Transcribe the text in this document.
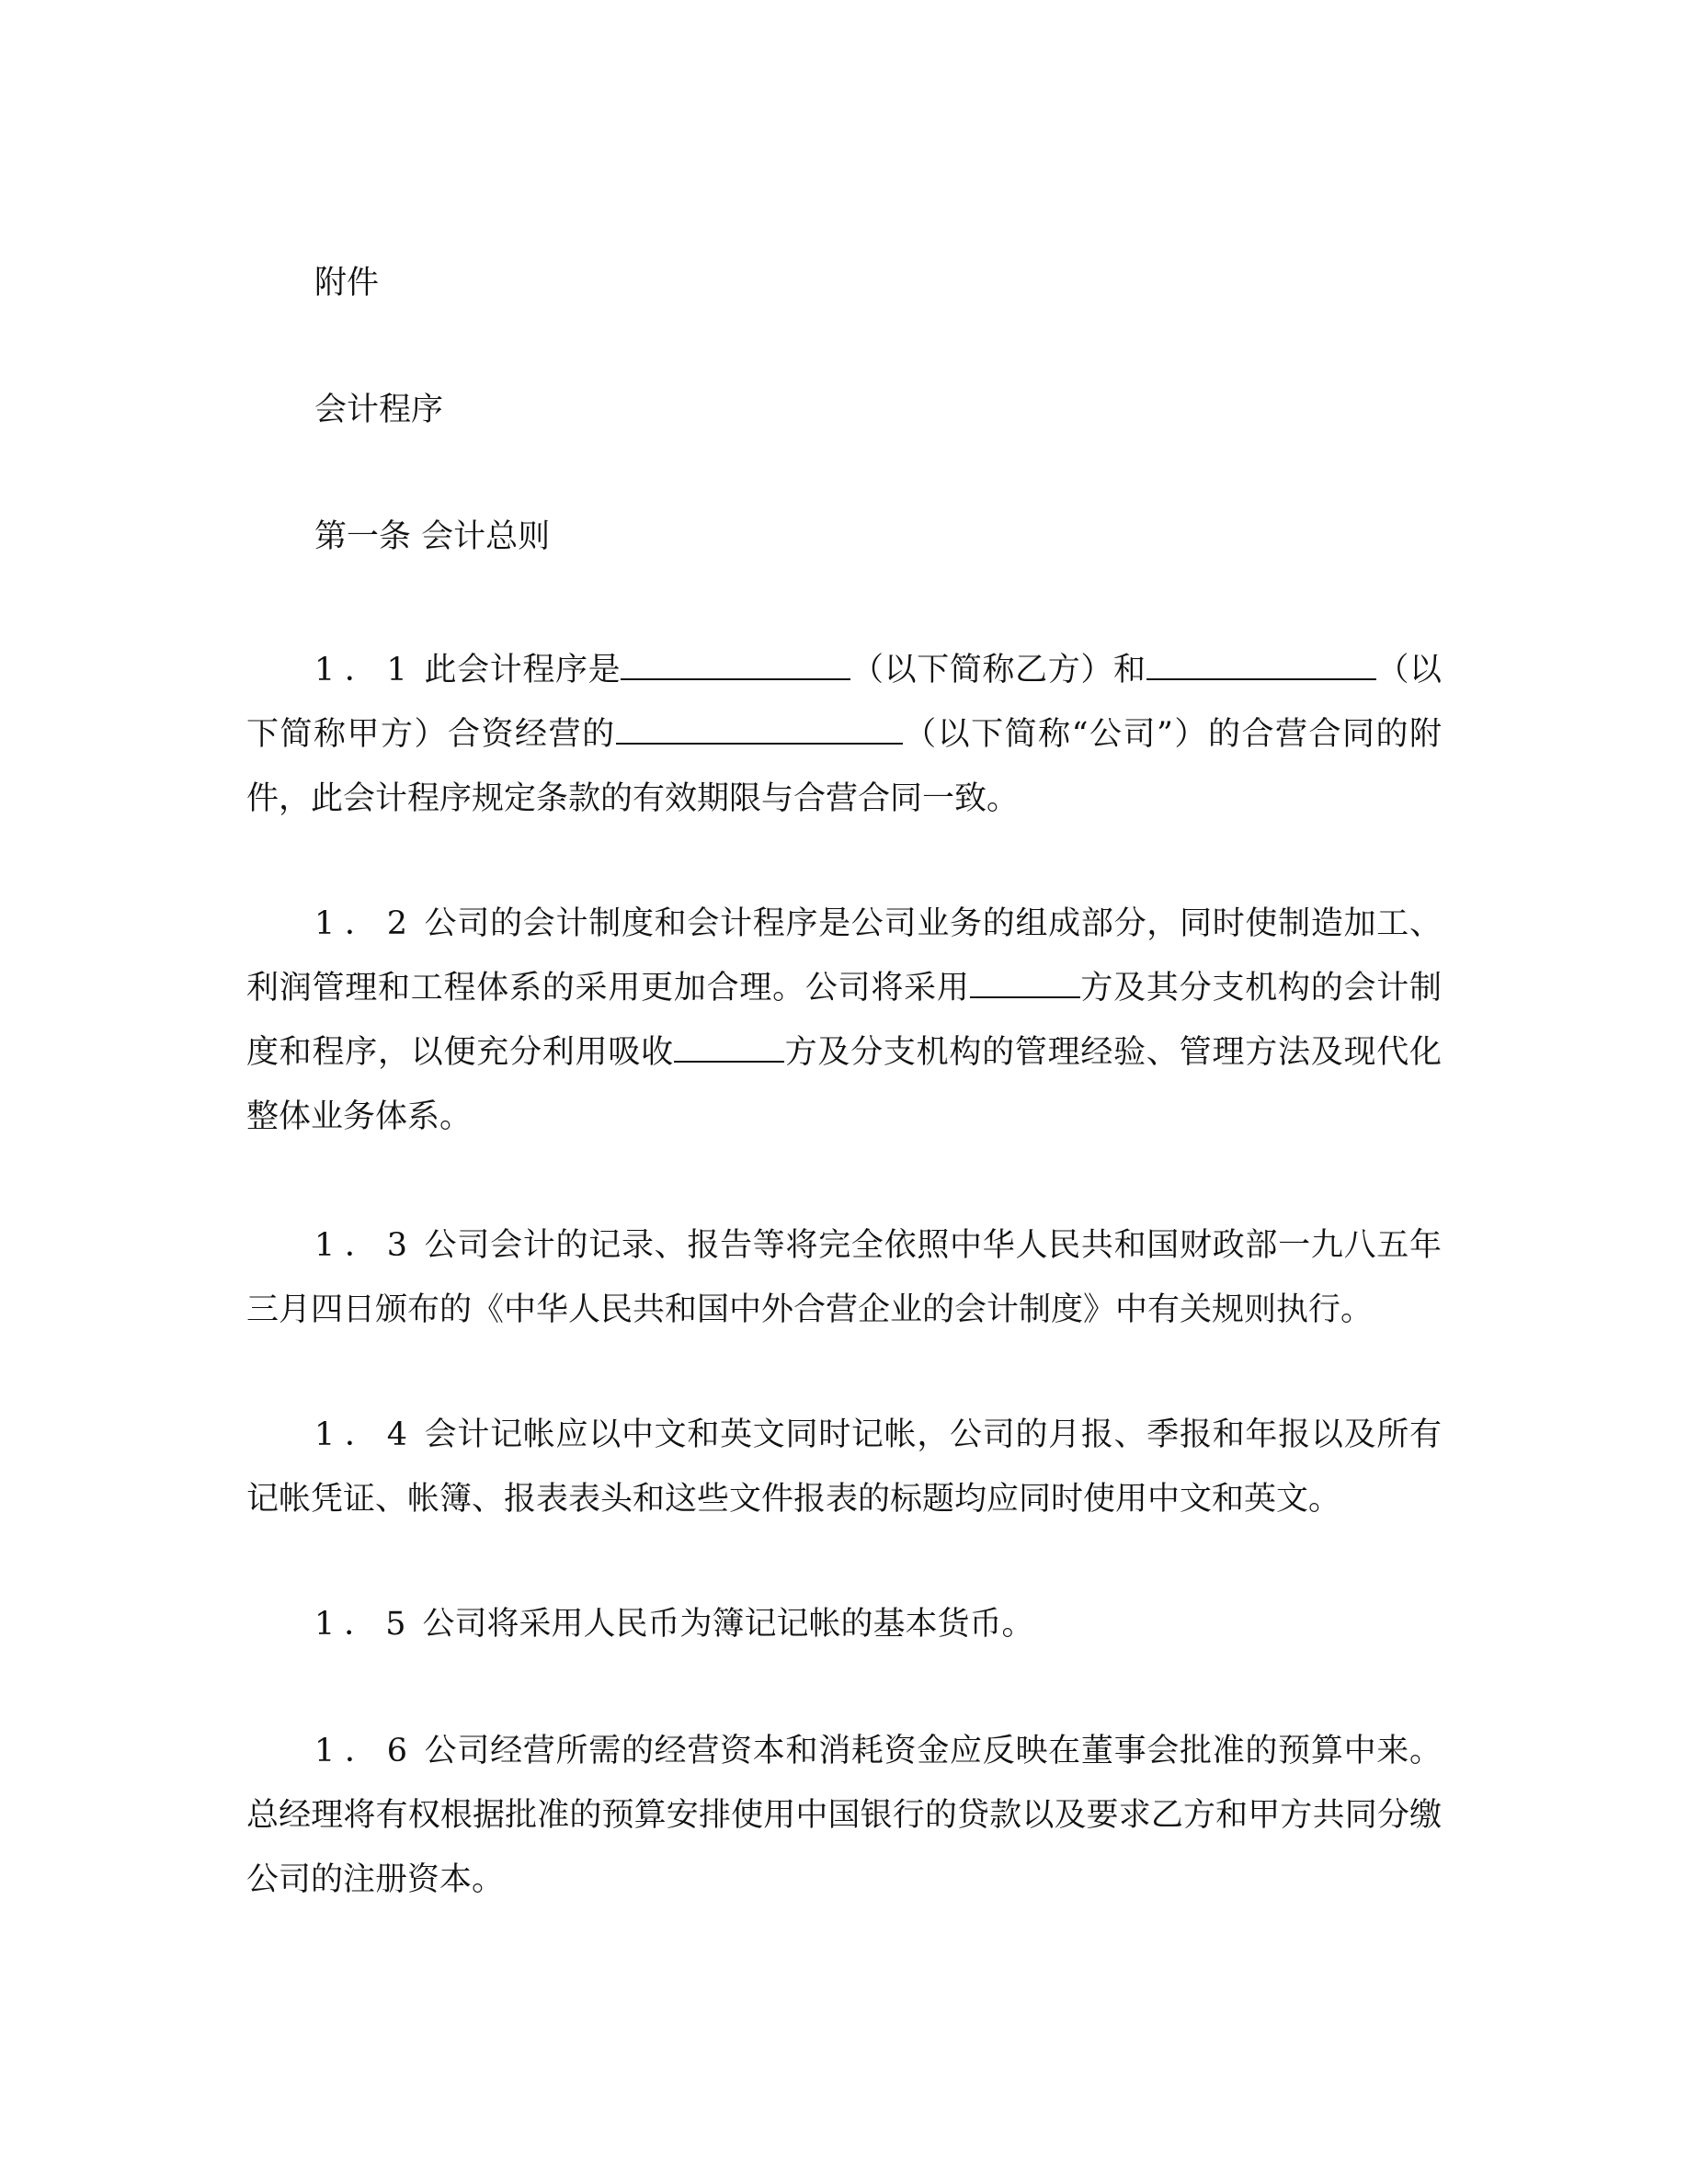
附件
会计程序
第一条 会计总则
1．1 此会计程序是	（以下简称乙方）和	（以下简称甲方）合资经营的	（以下简称“公司”）的合营合同的附件，此会计程序规定条款的有效期限与合营合同一致。
1．2 公司的会计制度和会计程序是公司业务的组成部分，同时使制造加工、利润管理和工程体系的采用更加合理。公司将采用	方及其分支机构的会计制度和程序，以便充分利用吸收	方及分支机构的管理经验、管理方法及现代化整体业务体系。
1．3 公司会计的记录、报告等将完全依照中华人民共和国财政部一九八五年三月四日颁布的《中华人民共和国中外合营企业的会计制度》中有关规则执行。
1．4 会计记帐应以中文和英文同时记帐，公司的月报、季报和年报以及所有记帐凭证、帐簿、报表表头和这些文件报表的标题均应同时使用中文和英文。
1．5 公司将采用人民币为簿记记帐的基本货币。
1．6 公司经营所需的经营资本和消耗资金应反映在董事会批准的预算中来。总经理将有权根据批准的预算安排使用中国银行的贷款以及要求乙方和甲方共同分缴公司的注册资本。
